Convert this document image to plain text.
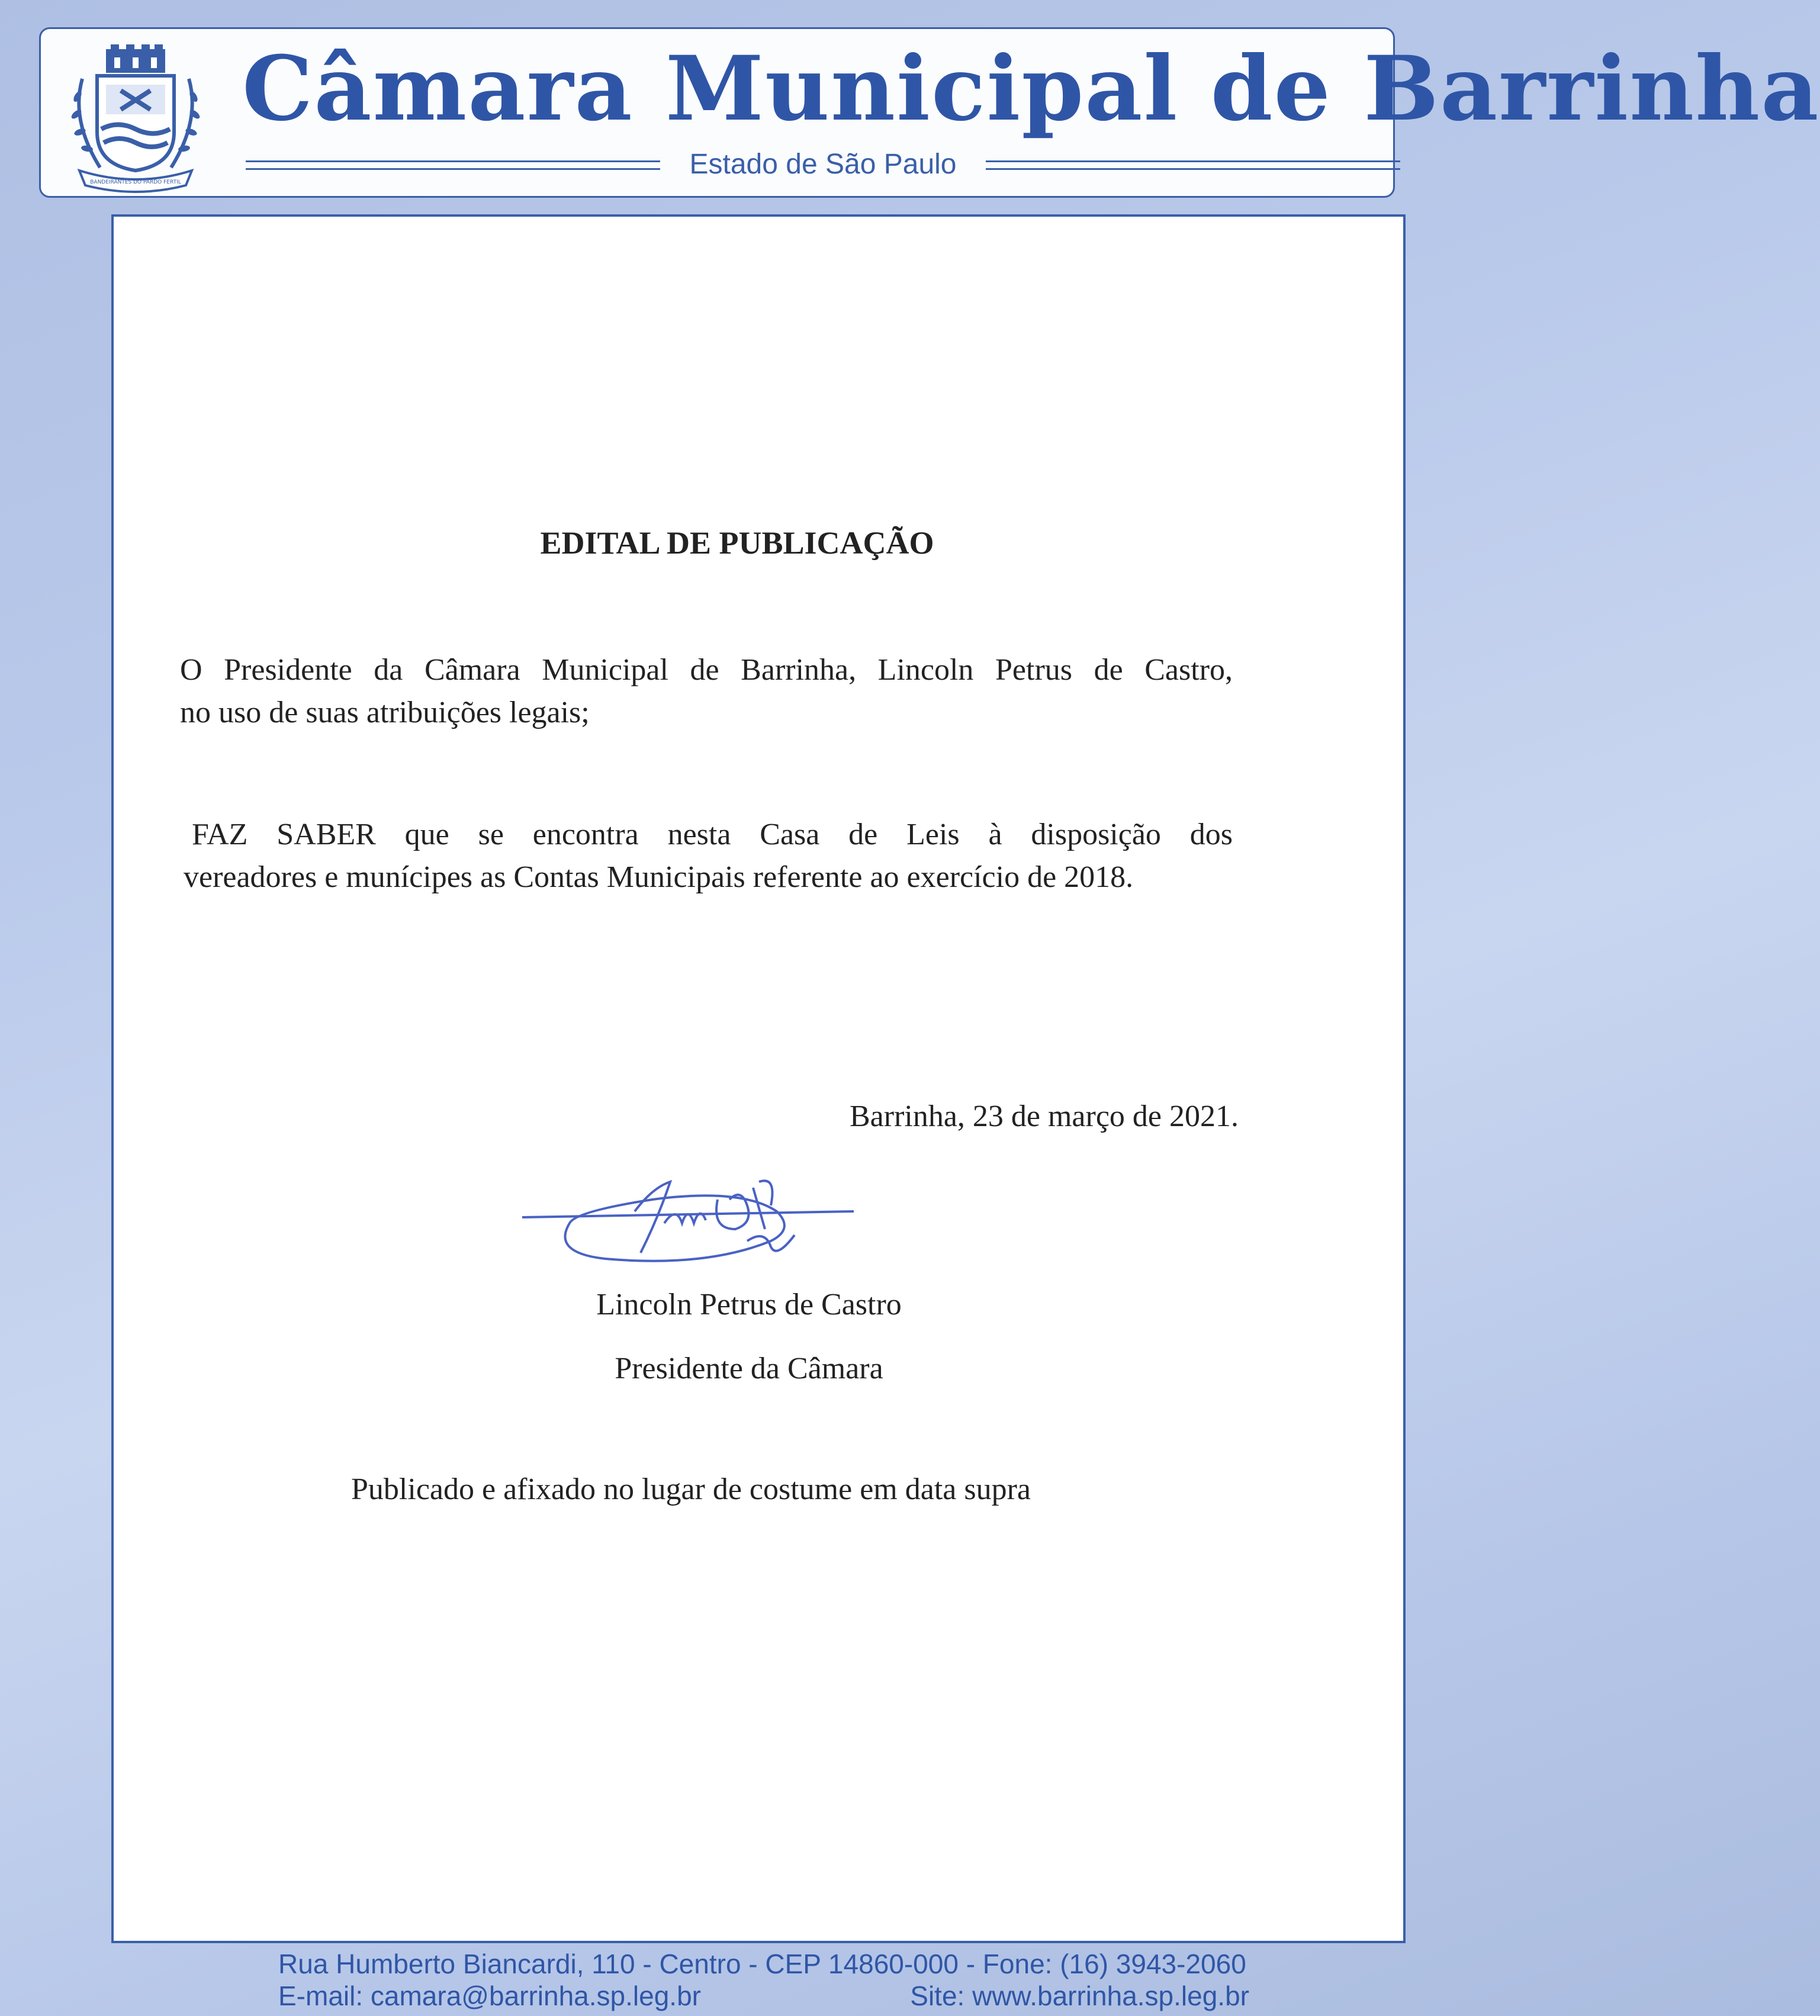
BANDEIRANTES DO PARDO FERTIL
Câmara Municipal de Barrinha
Estado de São Paulo
EDITAL DE PUBLICAÇÃO
O Presidente da Câmara Municipal de Barrinha, Lincoln Petrus de Castro,
no uso de suas atribuições legais;
FAZ SABER que se encontra nesta Casa de Leis à disposição dos
vereadores e munícipes as Contas Municipais referente ao exercício de 2018.
Barrinha, 23 de março de 2021.
Lincoln Petrus de Castro
Presidente da Câmara
Publicado e afixado no lugar de costume em data supra
Rua Humberto Biancardi, 110 - Centro - CEP 14860-000 - Fone: (16) 3943-2060
E-mail: camara@barrinha.sp.leg.br	Site: www.barrinha.sp.leg.br
